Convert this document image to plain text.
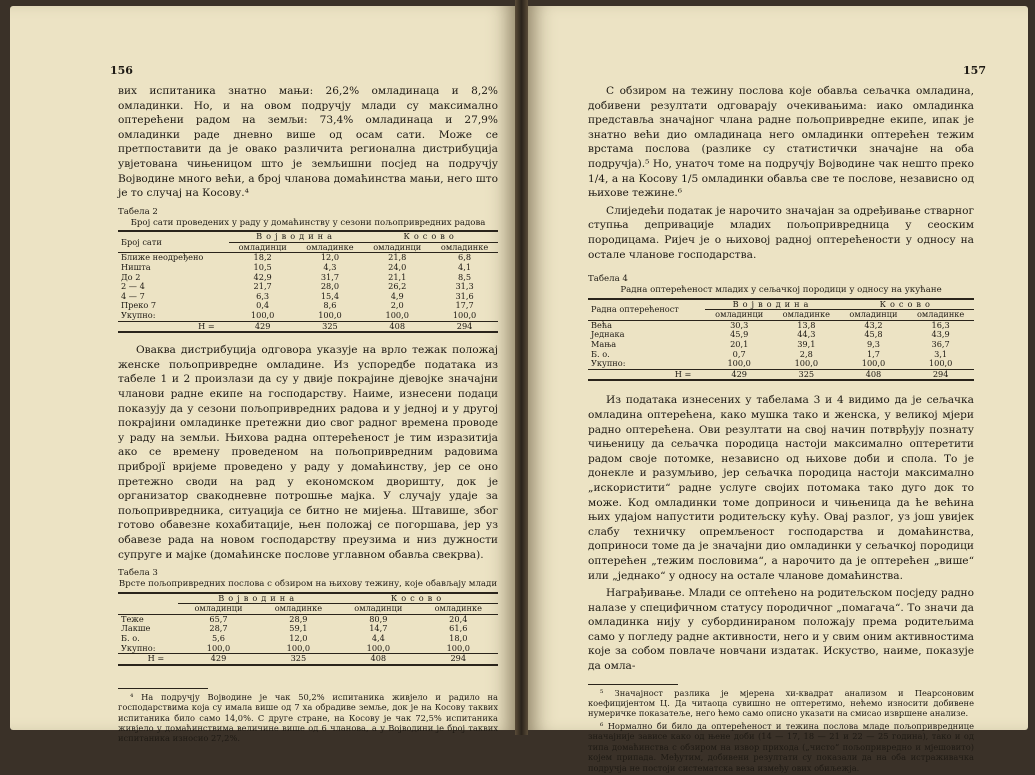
156

вих испитаника знатно мањи: 26,2% омладинаца и 8,2% омладинки. Но, и на овом подручју млади су максимално оптерећени радом на земљи: 73,4% омладинаца и 27,9% омладинки раде дневно више од осам сати. Може се претпоставити да је овако различита регионална дистрибуција увјетована чињеницом што је земљишни посјед на подручју Војводине много већи, а број чланова домаћинства мањи, него што је то случај на Косову.⁴

Табела 2
Број сати проведених у раду у домаћинству у сезони пољопривредних радова
Број сати	Војводина		Косово	
	омладинци	омладинке	омладинци	омладинке
Ближе неодређено	18,2	12,0	21,8	6,8
Ништа	10,5	4,3	24,0	4,1
До 2	42,9	31,7	21,1	8,5
2 — 4	21,7	28,0	26,2	31,3
4 — 7	6,3	15,4	4,9	31,6
Преко 7	0,4	8,6	2,0	17,7
Укупно:	100,0	100,0	100,0	100,0
Н =	429	325	408	294

Оваква дистрибуција одговора указује на врло тежак положај женске пољопривредне омладине. Из успоредбе података из табеле 1 и 2 произлази да су у двије покрајине дјевојке значајни чланови радне екипе на господарству. Наиме, изнесени подаци показују да у сезони пољопривредних радова и у једној и у другој покрајини омладинке претежни дио свог радног времена проводе у раду на земљи. Њихова радна оптерећеност је тим изразитија ако се времену проведеном на пољопривредним радовима прибројї вријеме проведено у раду у домаћинству, јер се оно претежно своди на рад у економском дворишту, док је организатор свакодневне потрошње мајка. У случају удаје за пољопривредника, ситуација се битно не мијења. Штавише, због готово обавезне кохабитације, њен положај се погоршава, јер уз обавезе рада на новом господарству преузима и низ дужности супруге и мајке (домаћинске послове углавном обавља свекрва).

Табела 3
Врсте пољопривредних послова с обзиром на њихову тежину, које обављају млади
	Војводина		Косово	
	омладинци	омладинке	омладинци	омладинке
Теже	65,7	28,9	80,9	20,4
Лакше	28,7	59,1	14,7	61,6
Б. о.	5,6	12,0	4,4	18,0
Укупно:	100,0	100,0	100,0	100,0
Н =	429	325	408	294

⁴ На подручју Војводине је чак 50,2% испитаника живјело и радило на господарствима која су имала више од 7 ха обрадиве земље, док је на Косову таквих испитаника било само 14,0%. С друге стране, на Косову је чак 72,5% испитаника живјело у домаћинствима величине више од 6 чланова, а у Војводини је број таквих испитаника износио 27,2%.

157

С обзиром на тежину послова које обавља сељачка омладина, добивени резултати одговарају очекивањима: иако омладинка представља значајног члана радне пољопривредне екипе, ипак је знатно већи дио омладинаца него омладинки оптерећен тежим врстама послова (разлике су статистички значајне на оба подручја).⁵ Но, унаточ томе на подручју Војводине чак нешто преко 1/4, а на Косову 1/5 омладинки обавља све те послове, независно од њихове тежине.⁶

Слиједећи податак је нарочито значајан за одређивање стварног ступња депривације младих пољопривредница у сеоским породицама. Ријеч је о њиховој радној оптерећености у односу на остале чланове господарства.

Табела 4
Радна оптерећеност младих у сељачкој породици у односу на укућане
Радна оптерећеност	Војводина		Косово	
	омладинци	омладинке	омладинци	омладинке
Већа	30,3	13,8	43,2	16,3
Једнака	45,9	44,3	45,8	43,9
Мања	20,1	39,1	9,3	36,7
Б. о.	0,7	2,8	1,7	3,1
Укупно:	100,0	100,0	100,0	100,0
Н =	429	325	408	294

Из података изнесених у табелама 3 и 4 видимо да је сељачка омладина оптерећена, како мушка тако и женска, у великој мјери радно оптерећена. Ови резултати на свој начин потврђују познату чињеницу да сељачка породица настоји максимално оптеретити радом своје потомке, независно од њихове доби и спола. То је донекле и разумљиво, јер сељачка породица настоји максимално „искористити“ радне услуге својих потомака тако дуго док то може. Код омладинки томе доприноси и чињеница да ће већина њих удајом напустити родитељску кућу. Овај разлог, уз још увијек слабу техничку опремљеност господарства и домаћинства, доприноси томе да је значајни дио омладинки у сељачкој породици оптерећен „тежим пословима“, а нарочито да је оптерећен „више“ или „једнако“ у односу на остале чланове домаћинства.

Награђивање. Млади се оптећено на родитељском посједу радно налазе у специфичном статусу породичног „помагача“. То значи да омладинка нију у субординираном положају према родитељима само у погледу радне активности, него и у свим оним активностима које за собом повлаче новчани издатак. Искуство, наиме, показује да омла-

⁵ Значајност разлика је мјерена хи-квадрат анализом и Пеарсоновим коефицијентом Ц. Да читаоца сувишно не оптеретимо, нећемо износити добивене нумеричке показатеље, него ћемо само описно указати на смисао извршене анализе.

⁶ Нормално би било да оптерећеност и тежина послова младе пољопривреднице значајније зависе како од њене доби (14 — 17, 18 — 21 и 22 — 25 година), тако и од типа домаћинства с обзиром на извор прихода („чисто“ пољопривредно и мјешовито) којем припада. Међутим, добивени резултати су показали да на оба истраживачка подручја не постоји систематска веза између ових обиљежја.
